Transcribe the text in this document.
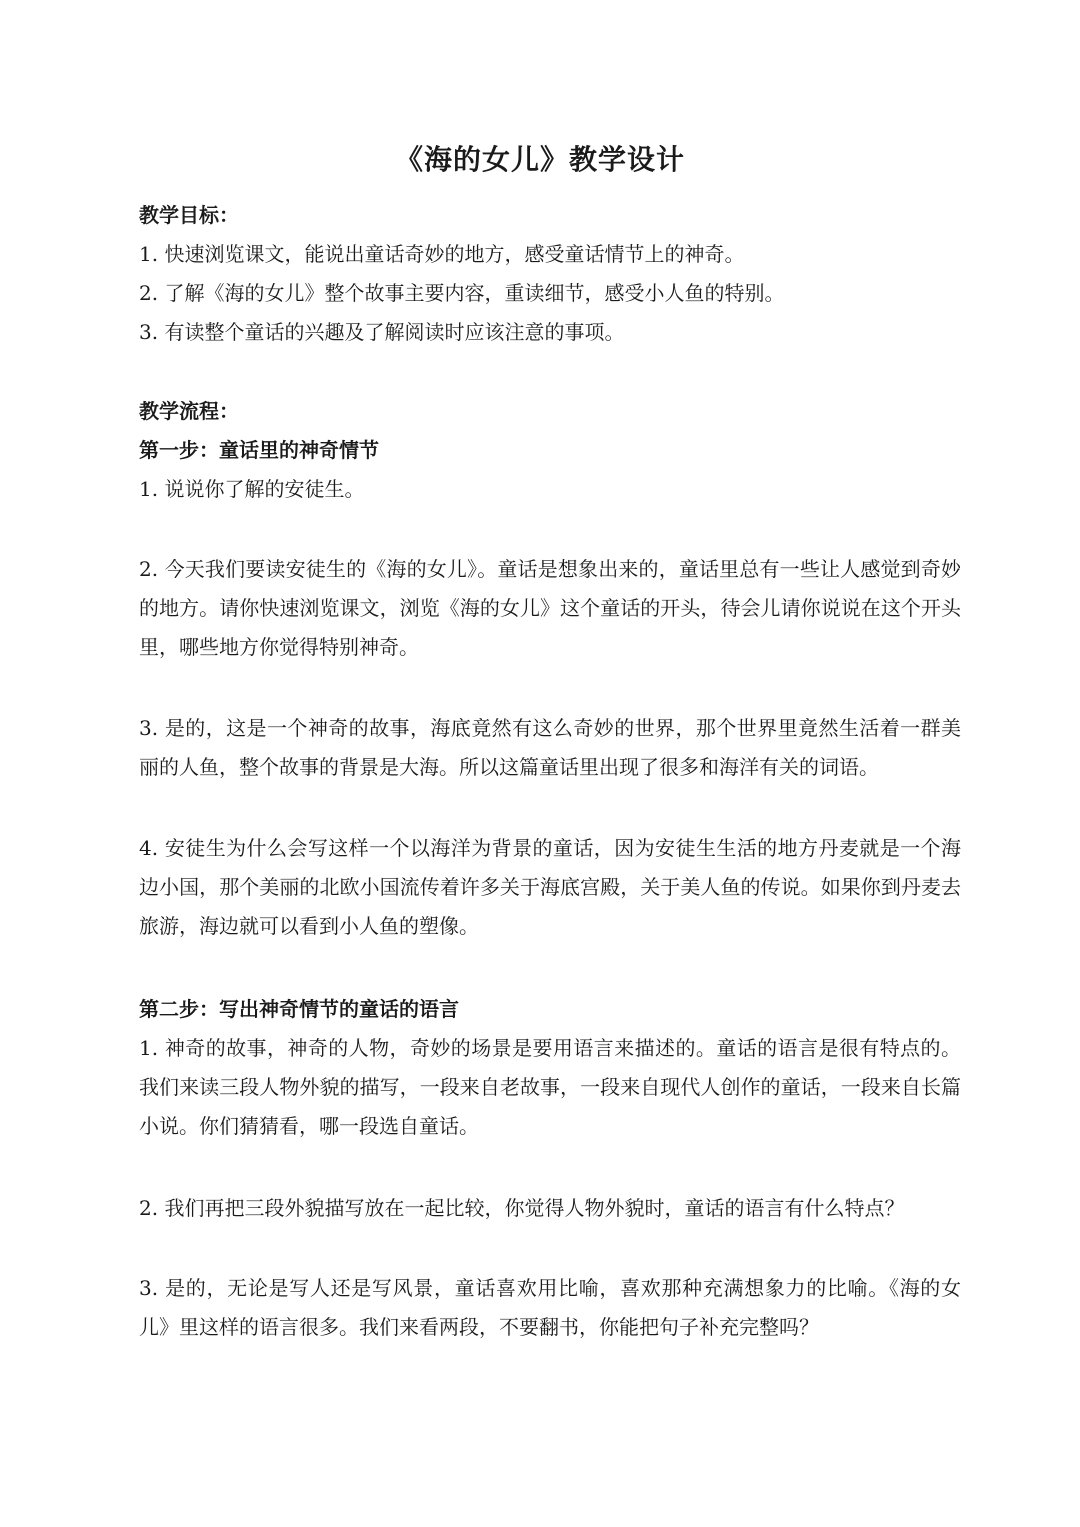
《海的女儿》教学设计
教学目标：
1. 快速浏览课文，能说出童话奇妙的地方，感受童话情节上的神奇。
2. 了解《海的女儿》整个故事主要内容，重读细节，感受小人鱼的特别。
3. 有读整个童话的兴趣及了解阅读时应该注意的事项。
教学流程：
第一步：童话里的神奇情节
1. 说说你了解的安徒生。
2. 今天我们要读安徒生的《海的女儿》。童话是想象出来的，童话里总有一些让人感觉到奇妙的地方。请你快速浏览课文，浏览《海的女儿》这个童话的开头，待会儿请你说说在这个开头里，哪些地方你觉得特别神奇。
3. 是的，这是一个神奇的故事，海底竟然有这么奇妙的世界，那个世界里竟然生活着一群美丽的人鱼，整个故事的背景是大海。所以这篇童话里出现了很多和海洋有关的词语。
4. 安徒生为什么会写这样一个以海洋为背景的童话，因为安徒生生活的地方丹麦就是一个海边小国，那个美丽的北欧小国流传着许多关于海底宫殿，关于美人鱼的传说。如果你到丹麦去旅游，海边就可以看到小人鱼的塑像。
第二步：写出神奇情节的童话的语言
1. 神奇的故事，神奇的人物，奇妙的场景是要用语言来描述的。童话的语言是很有特点的。我们来读三段人物外貌的描写，一段来自老故事，一段来自现代人创作的童话，一段来自长篇小说。你们猜猜看，哪一段选自童话。
2. 我们再把三段外貌描写放在一起比较，你觉得人物外貌时，童话的语言有什么特点？
3. 是的，无论是写人还是写风景，童话喜欢用比喻，喜欢那种充满想象力的比喻。《海的女儿》里这样的语言很多。我们来看两段，不要翻书，你能把句子补充完整吗？
